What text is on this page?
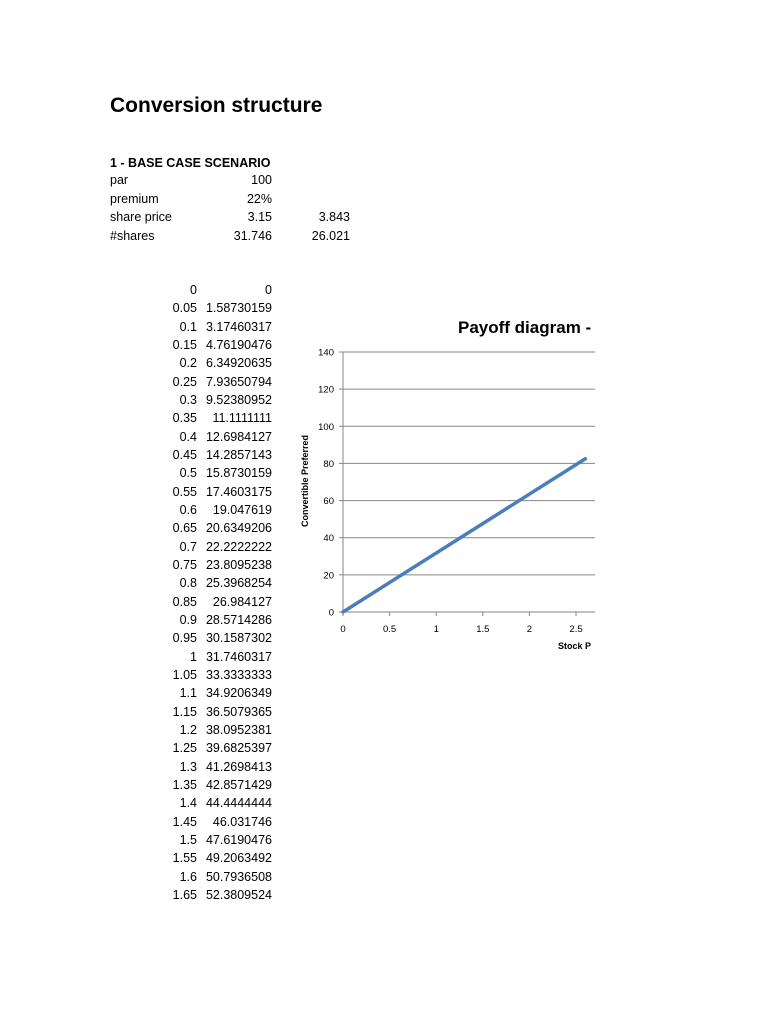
Conversion structure
1 - BASE CASE SCENARIO
par	100
premium	22%
share price	3.15	3.843
#shares	31.746	26.021
0	0
0.05 1.58730159
0.1 3.17460317
0.15 4.76190476
0.2 6.34920635
0.25 7.93650794
0.3 9.52380952
0.35 11.1111111
0.4 12.6984127
0.45 14.2857143
0.5 15.8730159
0.55 17.4603175
0.6 19.047619
0.65 20.6349206
0.7 22.2222222
0.75 23.8095238
0.8 25.3968254
0.85 26.984127
0.9 28.5714286
0.95 30.1587302
1 31.7460317
1.05 33.3333333
1.1 34.9206349
1.15 36.5079365
1.2 38.0952381
1.25 39.6825397
1.3 41.2698413
1.35 42.8571429
1.4 44.4444444
1.45 46.031746
1.5 47.6190476
1.55 49.2063492
1.6 50.7936508
1.65 52.3809524
0
20
40
60
80
100
120
140
0	0.5	1	1.5	2	2.5
Payoff diagram -
Convertible Preferred
Stock P
